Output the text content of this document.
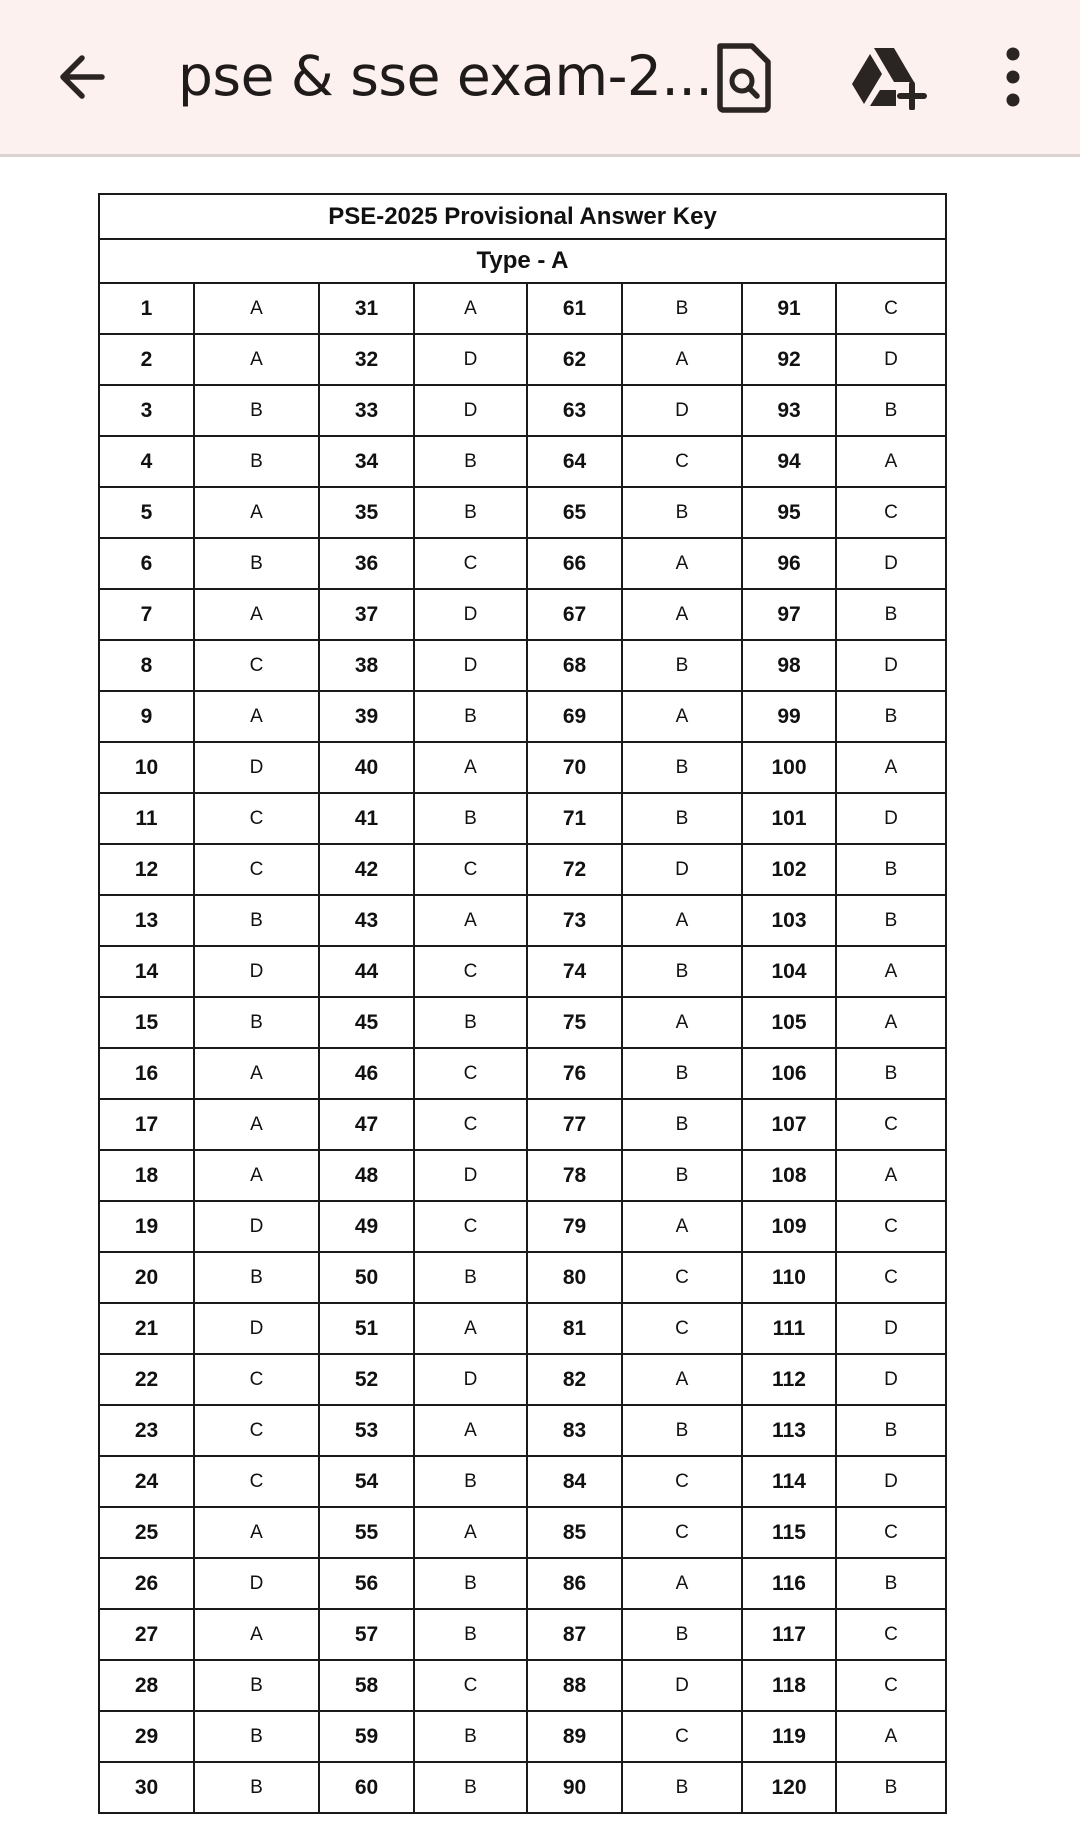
pse & sse exam-2...
PSE-2025 Provisional Answer Key							
Type - A							
1	A	31	A	61	B	91	C
2	A	32	D	62	A	92	D
3	B	33	D	63	D	93	B
4	B	34	B	64	C	94	A
5	A	35	B	65	B	95	C
6	B	36	C	66	A	96	D
7	A	37	D	67	A	97	B
8	C	38	D	68	B	98	D
9	A	39	B	69	A	99	B
10	D	40	A	70	B	100	A
11	C	41	B	71	B	101	D
12	C	42	C	72	D	102	B
13	B	43	A	73	A	103	B
14	D	44	C	74	B	104	A
15	B	45	B	75	A	105	A
16	A	46	C	76	B	106	B
17	A	47	C	77	B	107	C
18	A	48	D	78	B	108	A
19	D	49	C	79	A	109	C
20	B	50	B	80	C	110	C
21	D	51	A	81	C	111	D
22	C	52	D	82	A	112	D
23	C	53	A	83	B	113	B
24	C	54	B	84	C	114	D
25	A	55	A	85	C	115	C
26	D	56	B	86	A	116	B
27	A	57	B	87	B	117	C
28	B	58	C	88	D	118	C
29	B	59	B	89	C	119	A
30	B	60	B	90	B	120	B
